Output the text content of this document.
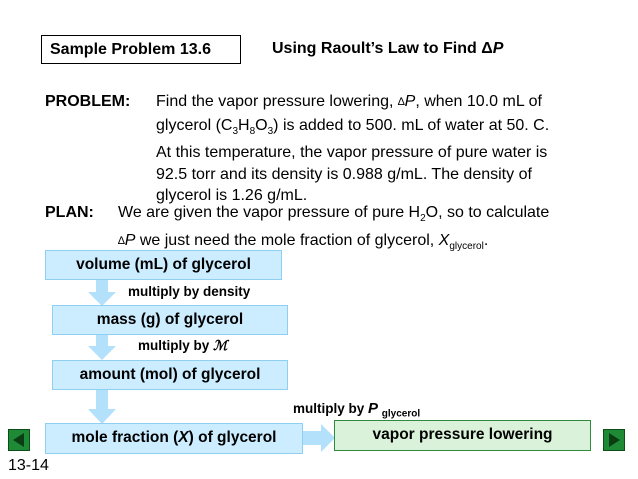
Sample Problem 13.6	Using Raoult’s Law to Find ΔP
PROBLEM: Find the vapor pressure lowering, ∆P, when 10.0 mL of
glycerol $(C_3H_8O_3)$ is added to 500. mL of water at 50. C.
At this temperature, the vapor pressure of pure water is
92.5 torr and its density is 0.988 g/mL. The density of
glycerol is 1.26 g/mL.
PLAN: We are given the vapor pressure of pure $H_2O$, so to calculate
∆P we just need the mole fraction of glycerol, $X_{glycerol}$.
volume (mL) of glycerol
multiply by density
mass (g) of glycerol
multiply by ℳ
amount (mol) of glycerol
multiply by P $_{glycerol}$
mole fraction (X) of glycerol	vapor pressure lowering
13-14
